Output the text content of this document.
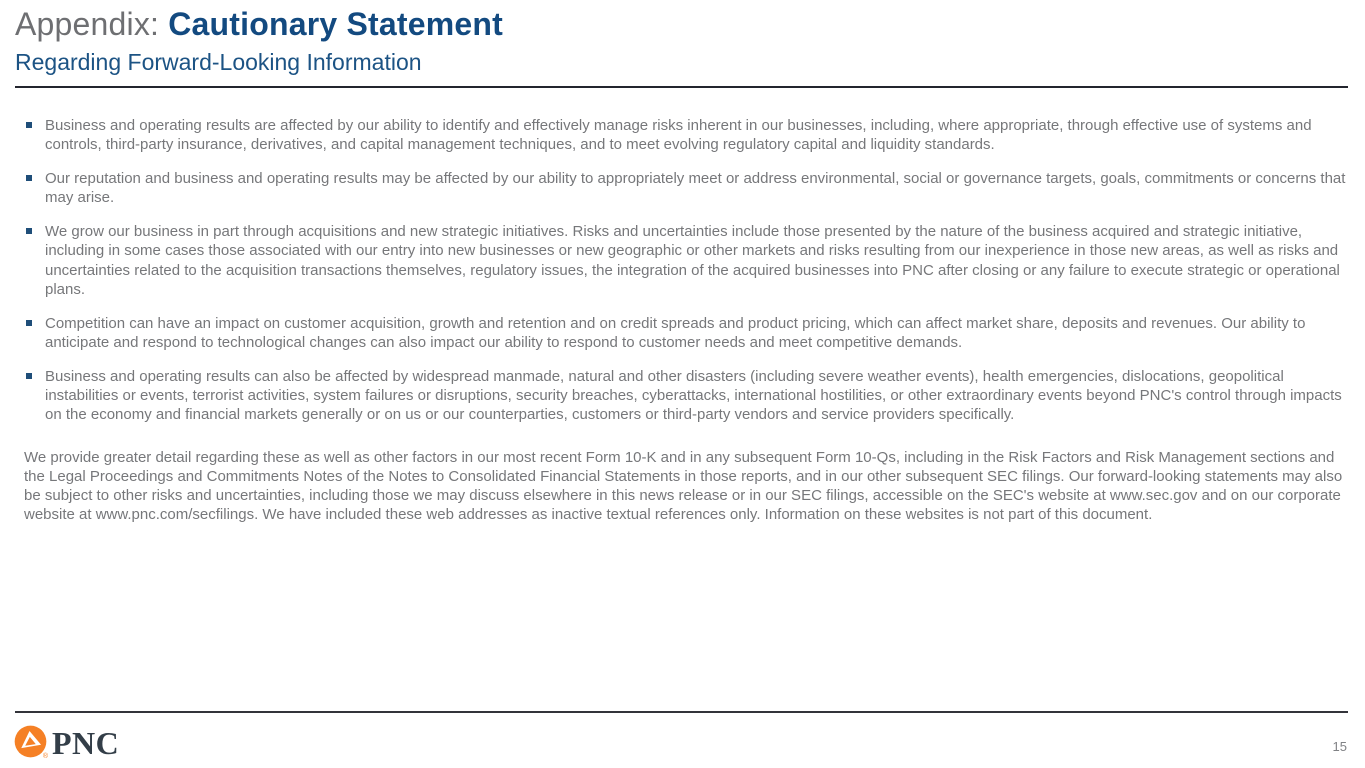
Appendix: Cautionary Statement
Regarding Forward-Looking Information
Business and operating results are affected by our ability to identify and effectively manage risks inherent in our businesses, including, where appropriate, through effective use of systems and controls, third-party insurance, derivatives, and capital management techniques, and to meet evolving regulatory capital and liquidity standards.
Our reputation and business and operating results may be affected by our ability to appropriately meet or address environmental, social or governance targets, goals, commitments or concerns that may arise.
We grow our business in part through acquisitions and new strategic initiatives. Risks and uncertainties include those presented by the nature of the business acquired and strategic initiative, including in some cases those associated with our entry into new businesses or new geographic or other markets and risks resulting from our inexperience in those new areas, as well as risks and uncertainties related to the acquisition transactions themselves, regulatory issues, the integration of the acquired businesses into PNC after closing or any failure to execute strategic or operational plans.
Competition can have an impact on customer acquisition, growth and retention and on credit spreads and product pricing, which can affect market share, deposits and revenues. Our ability to anticipate and respond to technological changes can also impact our ability to respond to customer needs and meet competitive demands.
Business and operating results can also be affected by widespread manmade, natural and other disasters (including severe weather events), health emergencies, dislocations, geopolitical instabilities or events, terrorist activities, system failures or disruptions, security breaches, cyberattacks, international hostilities, or other extraordinary events beyond PNC's control through impacts on the economy and financial markets generally or on us or our counterparties, customers or third-party vendors and service providers specifically.
We provide greater detail regarding these as well as other factors in our most recent Form 10-K and in any subsequent Form 10-Qs, including in the Risk Factors and Risk Management sections and the Legal Proceedings and Commitments Notes of the Notes to Consolidated Financial Statements in those reports, and in our other subsequent SEC filings. Our forward-looking statements may also be subject to other risks and uncertainties, including those we may discuss elsewhere in this news release or in our SEC filings, accessible on the SEC's website at www.sec.gov and on our corporate website at www.pnc.com/secfilings. We have included these web addresses as inactive textual references only. Information on these websites is not part of this document.
® PNC	15
